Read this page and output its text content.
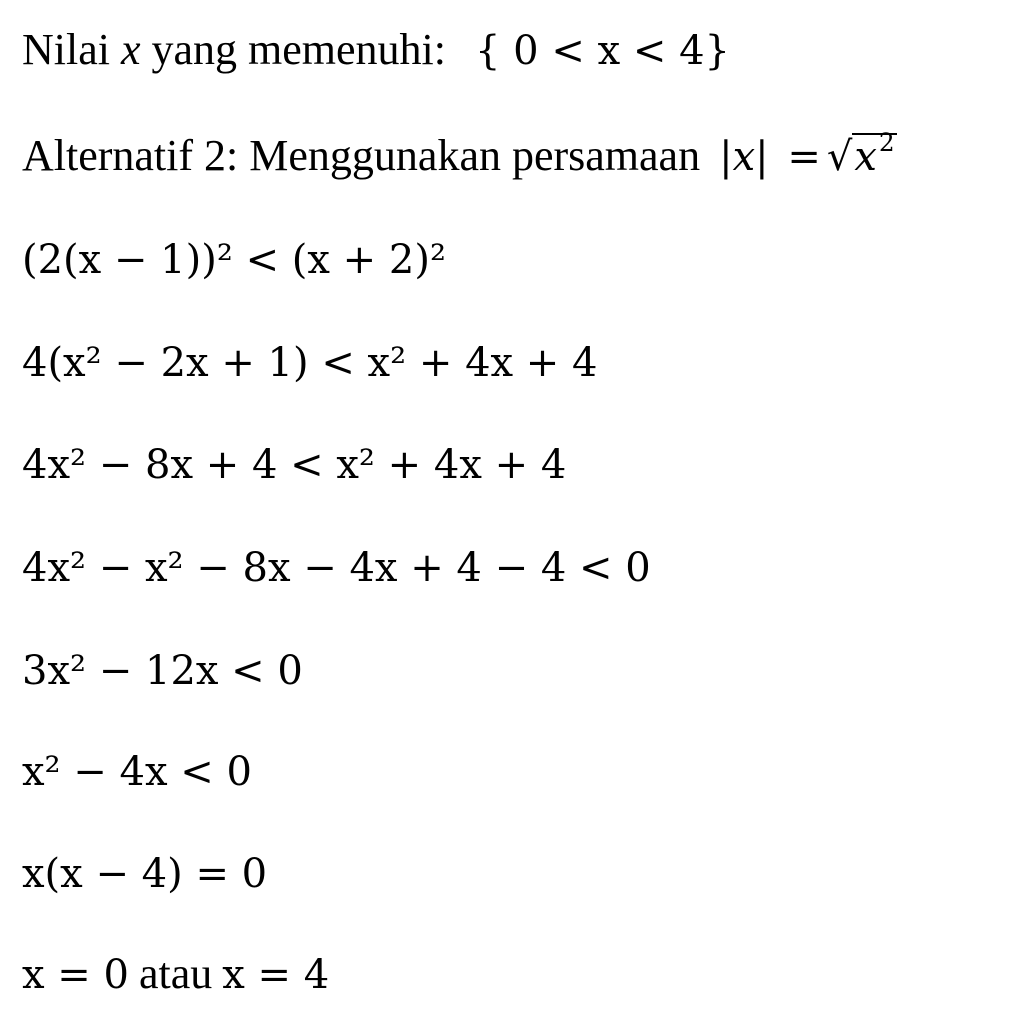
Nilai x yang memenuhi: { 0 < x < 4}
Alternatif 2: Menggunakan persamaan $|x| = √x^2$
(2(x − 1))² < (x + 2)²
4(x² − 2x + 1) < x² + 4x + 4
4x² − 8x + 4 < x² + 4x + 4
4x² − x² − 8x − 4x + 4 − 4 < 0
3x² − 12x < 0
x² − 4x < 0
x(x − 4) = 0
x = 0 atau x = 4
